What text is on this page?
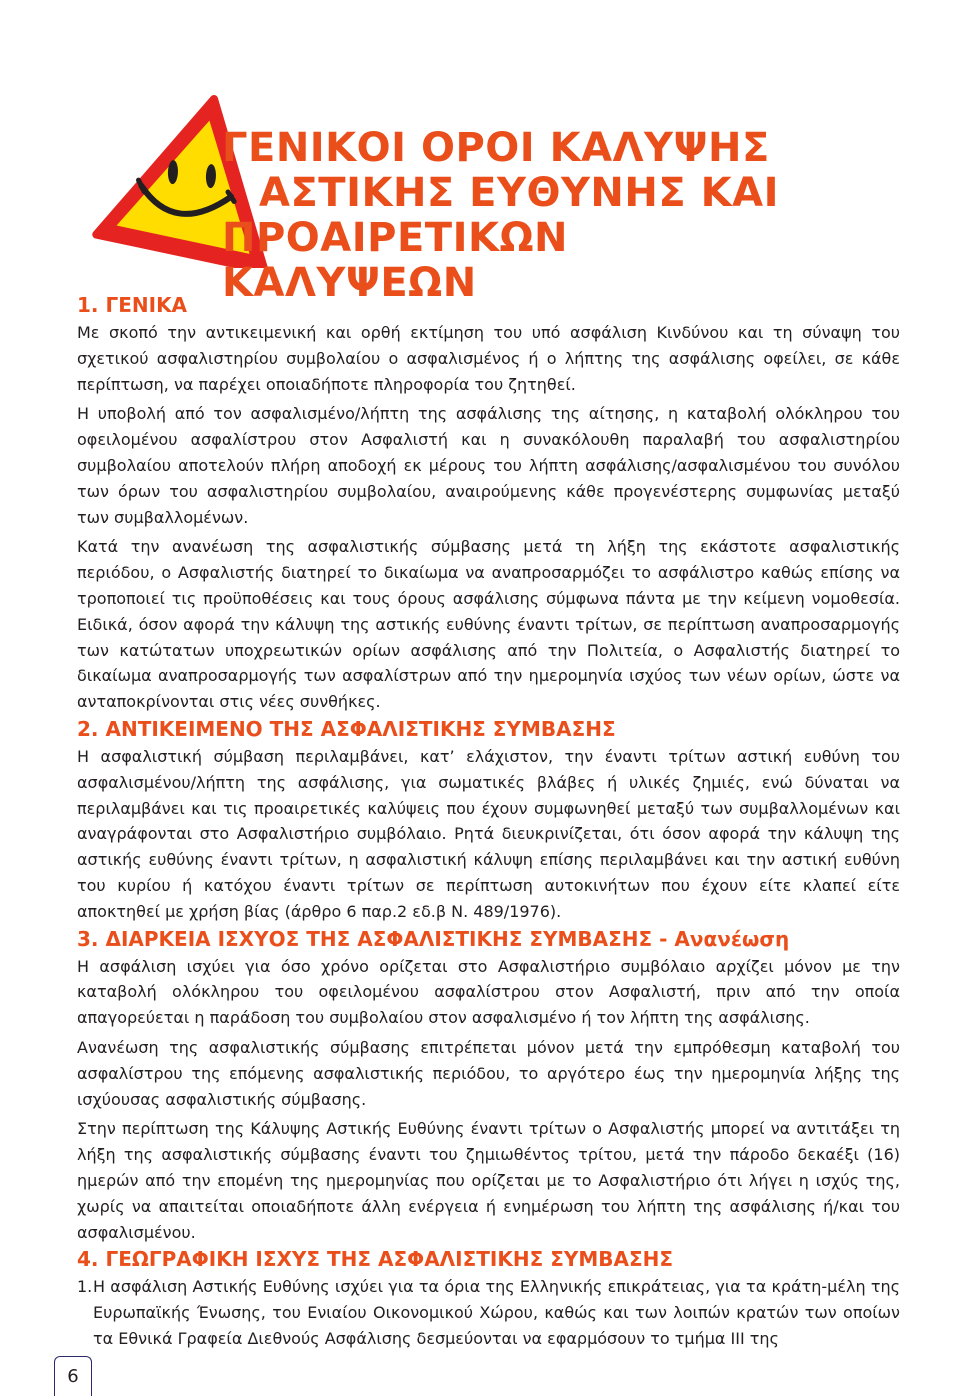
ΓΕΝΙΚΟΙ ΟΡΟΙ ΚΑΛΥΨΗΣ
ΑΣΤΙΚΗΣ ΕΥΘΥΝΗΣ ΚΑΙ
ΠΡΟΑΙΡΕΤΙΚΩΝ ΚΑΛΥΨΕΩΝ
1. ΓΕΝΙΚΑ

Με σκοπό την αντικειμενική και ορθή εκτίμηση του υπό ασφάλιση Κινδύνου και τη σύναψη του σχετικού ασφαλιστηρίου συμβολαίου ο ασφαλισμένος ή ο λήπτης της ασφάλισης οφείλει, σε κάθε περίπτωση, να παρέχει οποιαδήποτε πληροφορία του ζητηθεί.

Η υποβολή από τον ασφαλισμένο/λήπτη της ασφάλισης της αίτησης, η καταβολή ολόκληρου του οφειλομένου ασφαλίστρου στον Ασφαλιστή και η συνακόλουθη παραλαβή του ασφαλιστηρίου συμβολαίου αποτελούν πλήρη αποδοχή εκ μέρους του λήπτη ασφάλισης/ασφαλισμένου του συνόλου των όρων του ασφαλιστηρίου συμβολαίου, αναιρούμενης κάθε προγενέστερης συμφωνίας μεταξύ των συμβαλλομένων.

Κατά την ανανέωση της ασφαλιστικής σύμβασης μετά τη λήξη της εκάστοτε ασφαλιστικής περιόδου, ο Ασφαλιστής διατηρεί το δικαίωμα να αναπροσαρμόζει το ασφάλιστρο καθώς επίσης να τροποποιεί τις προϋποθέσεις και τους όρους ασφάλισης σύμφωνα πάντα με την κείμενη νομοθεσία. Ειδικά, όσον αφορά την κάλυψη της αστικής ευθύνης έναντι τρίτων, σε περίπτωση αναπροσαρμογής των κατώτατων υποχρεωτικών ορίων ασφάλισης από την Πολιτεία, ο Ασφαλιστής διατηρεί το δικαίωμα αναπροσαρμογής των ασφαλίστρων από την ημερομηνία ισχύος των νέων ορίων, ώστε να ανταποκρίνονται στις νέες συνθήκες.

2. ΑΝΤΙΚΕΙΜΕΝΟ ΤΗΣ ΑΣΦΑΛΙΣΤΙΚΗΣ ΣΥΜΒΑΣΗΣ

Η ασφαλιστική σύμβαση περιλαμβάνει, κατ’ ελάχιστον, την έναντι τρίτων αστική ευθύνη του ασφαλισμένου/λήπτη της ασφάλισης, για σωματικές βλάβες ή υλικές ζημιές, ενώ δύναται να περιλαμβάνει και τις προαιρετικές καλύψεις που έχουν συμφωνηθεί μεταξύ των συμβαλλομένων και αναγράφονται στο Ασφαλιστήριο συμβόλαιο. Ρητά διευκρινίζεται, ότι όσον αφορά την κάλυψη της αστικής ευθύνης έναντι τρίτων, η ασφαλιστική κάλυψη επίσης περιλαμβάνει και την αστική ευθύνη του κυρίου ή κατόχου έναντι τρίτων σε περίπτωση αυτοκινήτων που έχουν είτε κλαπεί είτε αποκτηθεί με χρήση βίας (άρθρο 6 παρ.2 εδ.β Ν. 489/1976).

3. ΔΙΑΡΚΕΙΑ ΙΣΧΥΟΣ ΤΗΣ ΑΣΦΑΛΙΣΤΙΚΗΣ ΣΥΜΒΑΣΗΣ - Ανανέωση

Η ασφάλιση ισχύει για όσο χρόνο ορίζεται στο Ασφαλιστήριο συμβόλαιο αρχίζει μόνον με την καταβολή ολόκληρου του οφειλομένου ασφαλίστρου στον Ασφαλιστή, πριν από την οποία απαγορεύεται η παράδοση του συμβολαίου στον ασφαλισμένο ή τον λήπτη της ασφάλισης.

Ανανέωση της ασφαλιστικής σύμβασης επιτρέπεται μόνον μετά την εμπρόθεσμη καταβολή του ασφαλίστρου της επόμενης ασφαλιστικής περιόδου, το αργότερο έως την ημερομηνία λήξης της ισχύουσας ασφαλιστικής σύμβασης.

Στην περίπτωση της Κάλυψης Αστικής Ευθύνης έναντι τρίτων ο Ασφαλιστής μπορεί να αντιτάξει τη λήξη της ασφαλιστικής σύμβασης έναντι του ζημιωθέντος τρίτου, μετά την πάροδο δεκαέξι (16) ημερών από την επομένη της ημερομηνίας που ορίζεται με το Ασφαλιστήριο ότι λήγει η ισχύς της, χωρίς να απαιτείται οποιαδήποτε άλλη ενέργεια ή ενημέρωση του λήπτη της ασφάλισης ή/και του ασφαλισμένου.

4. ΓΕΩΓΡΑΦΙΚΗ ΙΣΧΥΣ ΤΗΣ ΑΣΦΑΛΙΣΤΙΚΗΣ ΣΥΜΒΑΣΗΣ
1. Η ασφάλιση Αστικής Ευθύνης ισχύει για τα όρια της Ελληνικής επικράτειας, για τα κράτη-μέλη της Ευρωπαϊκής Ένωσης, του Ενιαίου Οικονομικού Χώρου, καθώς και των λοιπών κρατών των οποίων τα Εθνικά Γραφεία Διεθνούς Ασφάλισης δεσμεύονται να εφαρμόσουν το τμήμα ΙΙΙ της
6
